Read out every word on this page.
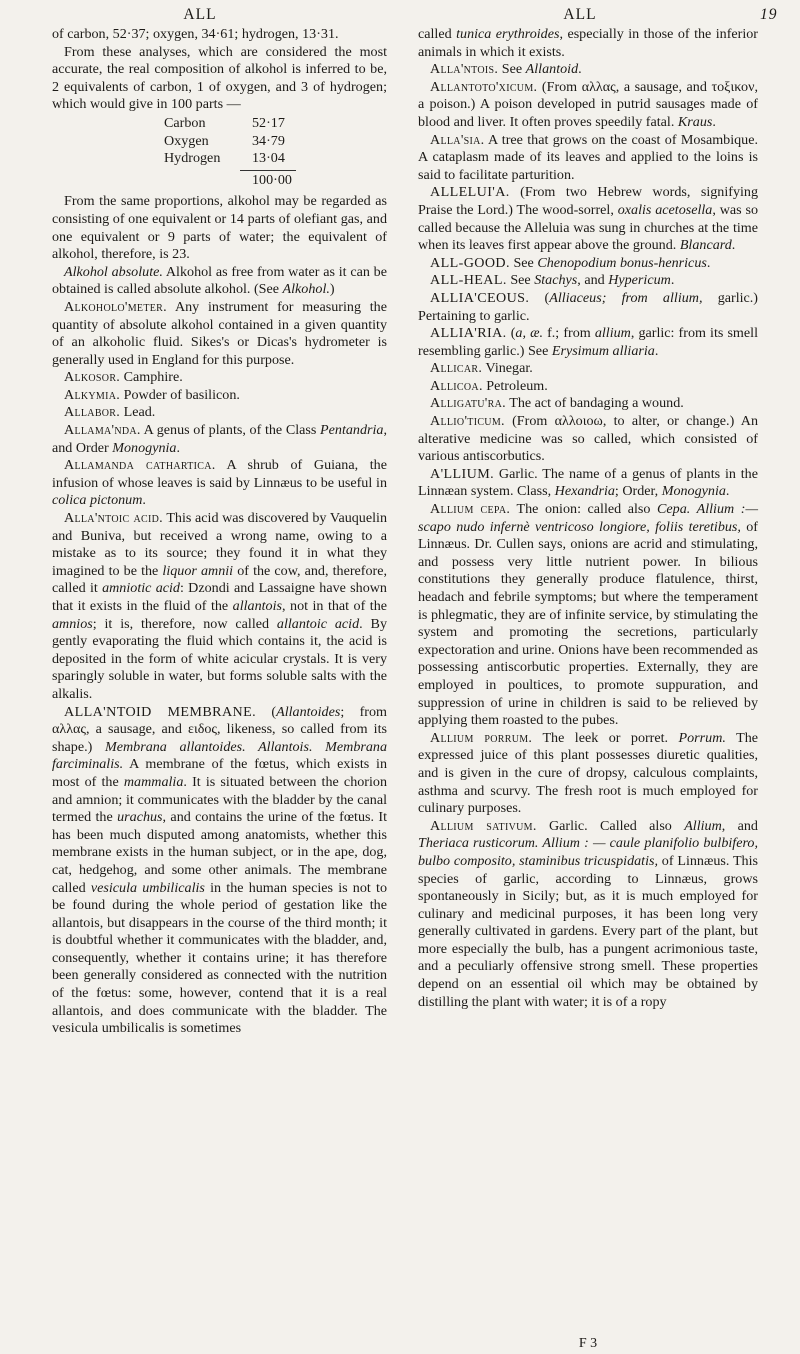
ALL	ALL	19

of carbon, 52·37; oxygen, 34·61; hydrogen, 13·31.

From these analyses, which are considered the most accurate, the real composition of alkohol is inferred to be, 2 equivalents of carbon, 1 of oxygen, and 3 of hydrogen; which would give in 100 parts —

Carbon	52·17
Oxygen	34·79
Hydrogen	13·04
100·00

From the same proportions, alkohol may be regarded as consisting of one equivalent or 14 parts of olefiant gas, and one equivalent or 9 parts of water; the equivalent of alkohol, therefore, is 23.

Alkohol absolute. Alkohol as free from water as it can be obtained is called absolute alkohol. (See Alkohol.)

Alkoholo'meter. Any instrument for measuring the quantity of absolute alkohol contained in a given quantity of an alkoholic fluid. Sikes's or Dicas's hydrometer is generally used in England for this purpose.

Alkosor. Camphire.

Alkymia. Powder of basilicon.

Allabor. Lead.

Allama'nda. A genus of plants, of the Class Pentandria, and Order Monogynia.

Allamanda cathartica. A shrub of Guiana, the infusion of whose leaves is said by Linnæus to be useful in colica pictonum.

Alla'ntoic acid. This acid was discovered by Vauquelin and Buniva, but received a wrong name, owing to a mistake as to its source; they found it in what they imagined to be the liquor amnii of the cow, and, therefore, called it amniotic acid: Dzondi and Lassaigne have shown that it exists in the fluid of the allantois, not in that of the amnios; it is, therefore, now called allantoic acid. By gently evaporating the fluid which contains it, the acid is deposited in the form of white acicular crystals. It is very sparingly soluble in water, but forms soluble salts with the alkalis.

ALLA'NTOID MEMBRANE. (Allantoides; from αλλας, a sausage, and ειδος, likeness, so called from its shape.) Membrana allantoides. Allantois. Membrana farciminalis. A membrane of the fœtus, which exists in most of the mammalia. It is situated between the chorion and amnion; it communicates with the bladder by the canal termed the urachus, and contains the urine of the fœtus. It has been much disputed among anatomists, whether this membrane exists in the human subject, or in the ape, dog, cat, hedgehog, and some other animals. The membrane called vesicula umbilicalis in the human species is not to be found during the whole period of gestation like the allantois, but disappears in the course of the third month; it is doubtful whether it communicates with the bladder, and, consequently, whether it contains urine; it has therefore been generally considered as connected with the nutrition of the fœtus: some, however, contend that it is a real allantois, and does communicate with the bladder. The vesicula umbilicalis is sometimes

called tunica erythroides, especially in those of the inferior animals in which it exists.

Alla'ntois. See Allantoid.

Allantoto'xicum. (From αλλας, a sausage, and τοξικον, a poison.) A poison developed in putrid sausages made of blood and liver. It often proves speedily fatal. Kraus.

Alla'sia. A tree that grows on the coast of Mosambique. A cataplasm made of its leaves and applied to the loins is said to facilitate parturition.

ALLELUI'A. (From two Hebrew words, signifying Praise the Lord.) The wood-sorrel, oxalis acetosella, was so called because the Alleluia was sung in churches at the time when its leaves first appear above the ground. Blancard.

ALL-GOOD. See Chenopodium bonus-henricus.

ALL-HEAL. See Stachys, and Hypericum.

ALLIA'CEOUS. (Alliaceus; from allium, garlic.) Pertaining to garlic.

ALLIA'RIA. (a, æ. f.; from allium, garlic: from its smell resembling garlic.) See Erysimum alliaria.

Allicar. Vinegar.

Allicoa. Petroleum.

Alligatu'ra. The act of bandaging a wound.

Allio'ticum. (From αλλοιοω, to alter, or change.) An alterative medicine was so called, which consisted of various antiscorbutics.

A'LLIUM. Garlic. The name of a genus of plants in the Linnæan system. Class, Hexandria; Order, Monogynia.

Allium cepa. The onion: called also Cepa. Allium :—scapo nudo infernè ventricoso longiore, foliis teretibus, of Linnæus. Dr. Cullen says, onions are acrid and stimulating, and possess very little nutrient power. In bilious constitutions they generally produce flatulence, thirst, headach and febrile symptoms; but where the temperament is phlegmatic, they are of infinite service, by stimulating the system and promoting the secretions, particularly expectoration and urine. Onions have been recommended as possessing antiscorbutic properties. Externally, they are employed in poultices, to promote suppuration, and suppression of urine in children is said to be relieved by applying them roasted to the pubes.

Allium porrum. The leek or porret. Porrum. The expressed juice of this plant possesses diuretic qualities, and is given in the cure of dropsy, calculous complaints, asthma and scurvy. The fresh root is much employed for culinary purposes.

Allium sativum. Garlic. Called also Allium, and Theriaca rusticorum. Allium : — caule planifolio bulbifero, bulbo composito, staminibus tricuspidatis, of Linnæus. This species of garlic, according to Linnæus, grows spontaneously in Sicily; but, as it is much employed for culinary and medicinal purposes, it has been long very generally cultivated in gardens. Every part of the plant, but more especially the bulb, has a pungent acrimonious taste, and a peculiarly offensive strong smell. These properties depend on an essential oil which may be obtained by distilling the plant with water; it is of a ropy

F 3
